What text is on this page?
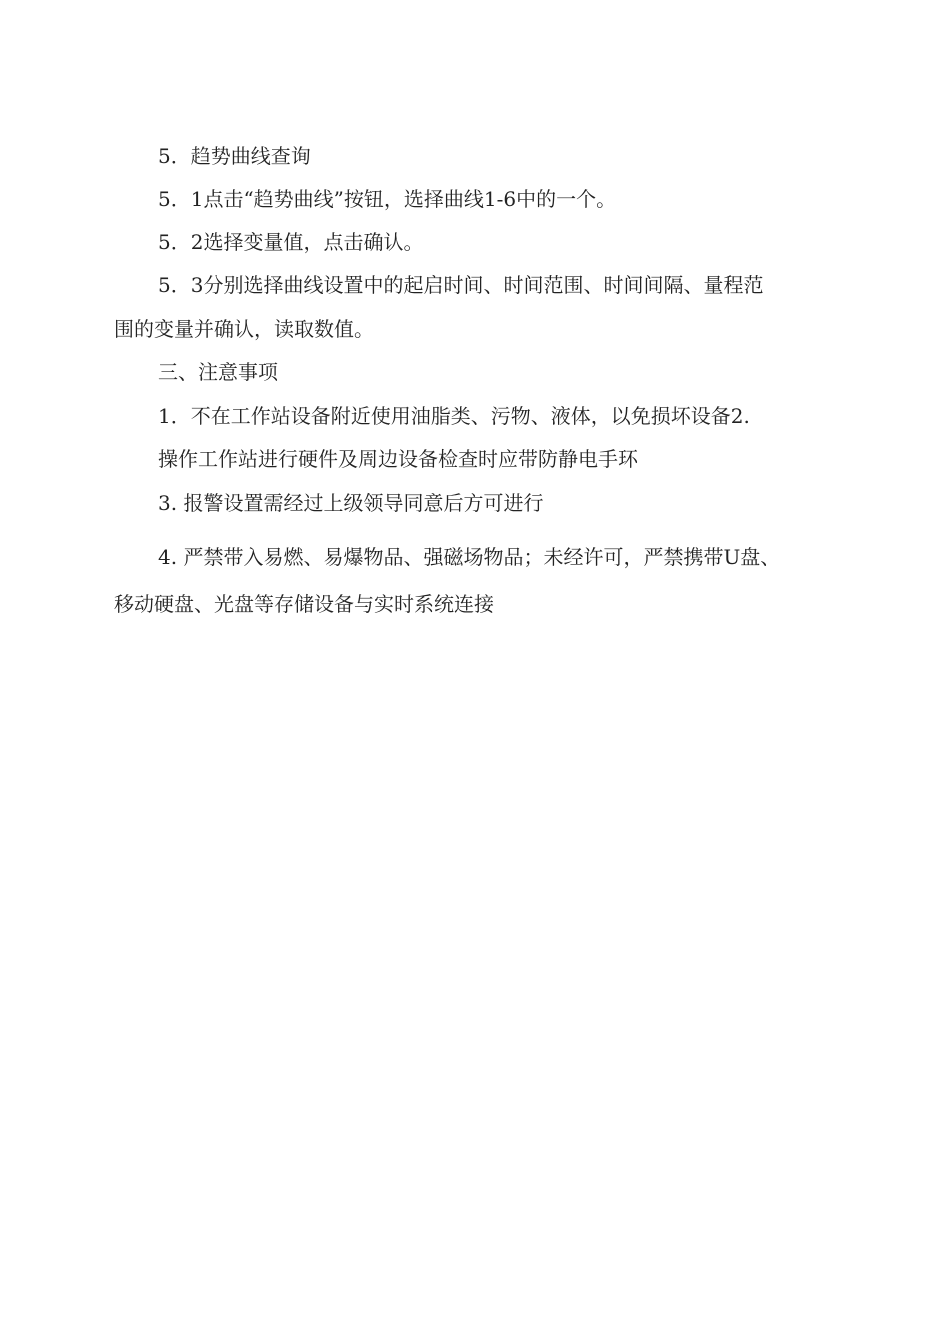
5．趋势曲线查询
5．1点击“趋势曲线”按钮，选择曲线1-6中的一个。
5．2选择变量值，点击确认。
5．3分别选择曲线设置中的起启时间、时间范围、时间间隔、量程范
围的变量并确认，读取数值。
三、注意事项
1．不在工作站设备附近使用油脂类、污物、液体，以免损坏设备2.
操作工作站进行硬件及周边设备检查时应带防静电手环
3. 报警设置需经过上级领导同意后方可进行
4. 严禁带入易燃、易爆物品、强磁场物品；未经许可，严禁携带U盘、
移动硬盘、光盘等存储设备与实时系统连接
